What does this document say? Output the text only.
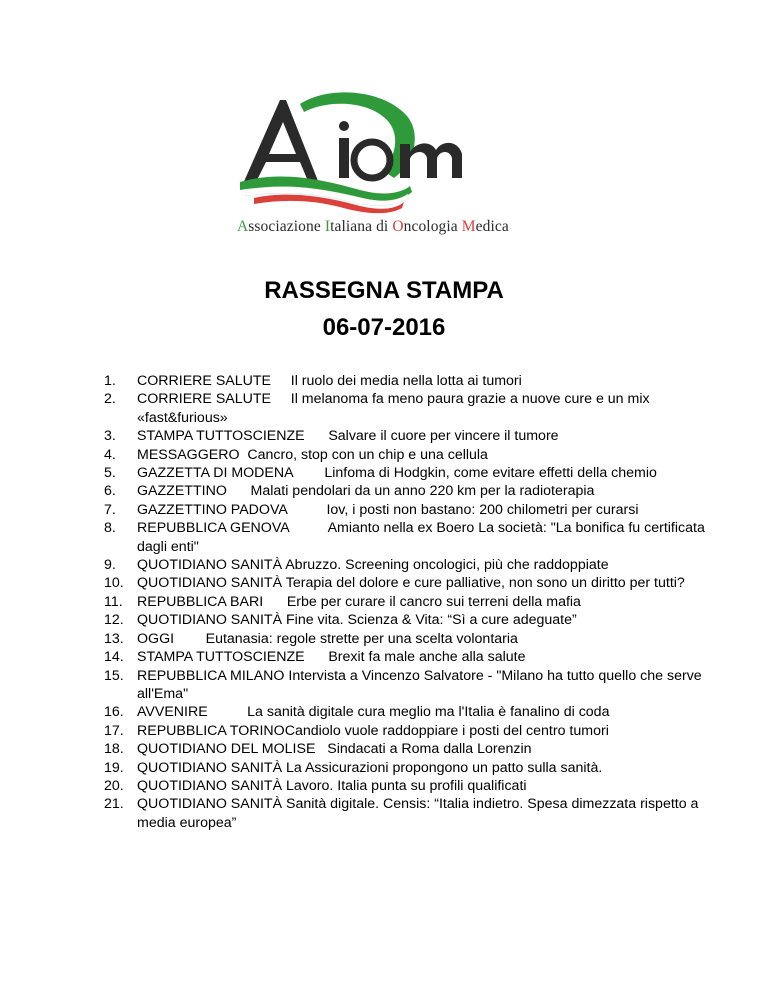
Associazione Italiana di Oncologia Medica
RASSEGNA STAMPA
06-07-2016
1. CORRIERE SALUTE Il ruolo dei media nella lotta ai tumori
2. CORRIERE SALUTE Il melanoma fa meno paura grazie a nuove cure e un mix «fast&furious»
3. STAMPA TUTTOSCIENZE Salvare il cuore per vincere il tumore
4. MESSAGGERO Cancro, stop con un chip e una cellula
5. GAZZETTA DI MODENA Linfoma di Hodgkin, come evitare effetti della chemio
6. GAZZETTINO Malati pendolari da un anno 220 km per la radioterapia
7. GAZZETTINO PADOVA	Iov, i posti non bastano: 200 chilometri per curarsi
8. REPUBBLICA GENOVA	Amianto nella ex Boero La società: "La bonifica fu certificata dagli enti"
9. QUOTIDIANO SANITÀ Abruzzo. Screening oncologici, più che raddoppiate
10. QUOTIDIANO SANITÀ Terapia del dolore e cure palliative, non sono un diritto per tutti?
11. REPUBBLICA BARI Erbe per curare il cancro sui terreni della mafia
12. QUOTIDIANO SANITÀ Fine vita. Scienza & Vita: “Sì a cure adeguate”
13. OGGI Eutanasia: regole strette per una scelta volontaria
14. STAMPA TUTTOSCIENZE Brexit fa male anche alla salute
15. REPUBBLICA MILANO Intervista a Vincenzo Salvatore - "Milano ha tutto quello che serve all'Ema"
16. AVVENIRE	La sanità digitale cura meglio ma l'Italia è fanalino di coda
17. REPUBBLICA TORINOCandiolo vuole raddoppiare i posti del centro tumori
18. QUOTIDIANO DEL MOLISE Sindacati a Roma dalla Lorenzin
19. QUOTIDIANO SANITÀ La Assicurazioni propongono un patto sulla sanità.
20. QUOTIDIANO SANITÀ Lavoro. Italia punta su profili qualificati
21. QUOTIDIANO SANITÀ Sanità digitale. Censis: “Italia indietro. Spesa dimezzata rispetto a media europea”
